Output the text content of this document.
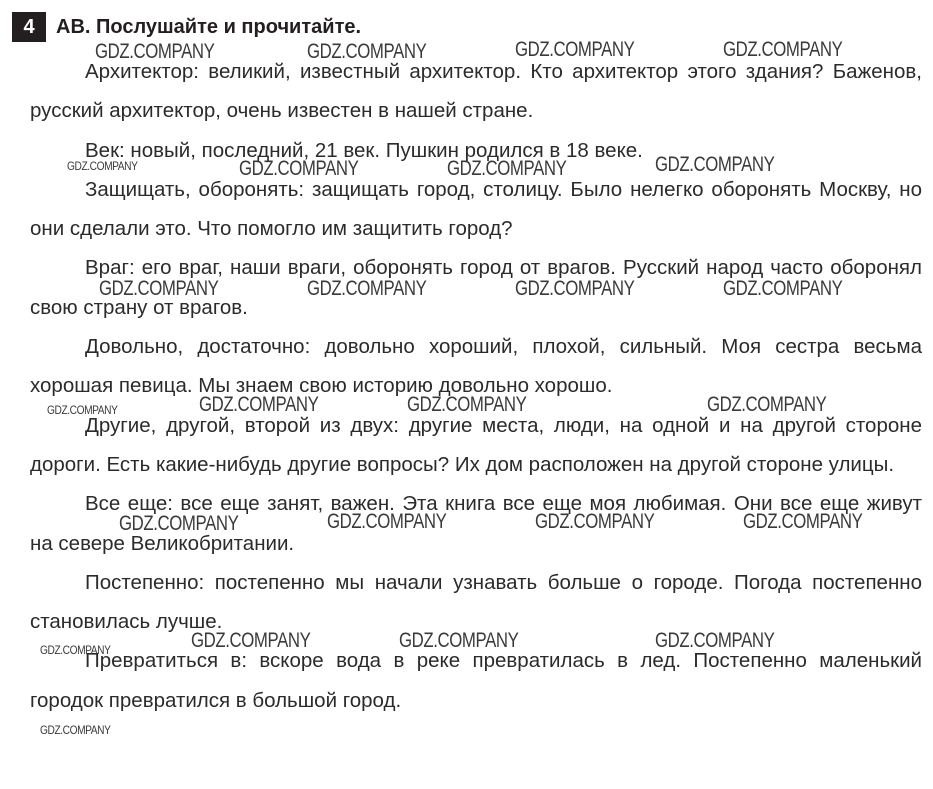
4	АВ. Послушайте и прочитайте.

Архитектор: великий, известный архитектор. Кто архитектор этого здания? Баженов, русский архитектор, очень известен в нашей стране.

Век: новый, последний, 21 век. Пушкин родился в 18 веке.

Защищать, оборонять: защищать город, столицу. Было нелегко оборонять Москву, но они сделали это. Что помогло им защитить город?

Враг: его враг, наши враги, оборонять город от врагов. Русский народ часто оборонял свою страну от врагов.

Довольно, достаточно: довольно хороший, плохой, сильный. Моя сестра весьма хорошая певица. Мы знаем свою историю довольно хорошо.

Другие, другой, второй из двух: другие места, люди, на одной и на другой стороне дороги. Есть какие-нибудь другие вопросы? Их дом расположен на другой стороне улицы.

Все еще: все еще занят, важен. Эта книга все еще моя любимая. Они все еще живут на севере Великобритании.

Постепенно: постепенно мы начали узнавать больше о городе. Погода постепенно становилась лучше.

Превратиться в: вскоре вода в реке превратилась в лед. Постепенно маленький городок превратился в большой город.

GDZ.COMPANY	GDZ.COMPANY	GDZ.COMPANY	GDZ.COMPANY
GDZ.COMPANY	GDZ.COMPANY	GDZ.COMPANY	GDZ.COMPANY
GDZ.COMPANY	GDZ.COMPANY	GDZ.COMPANY	GDZ.COMPANY
GDZ.COMPANY	GDZ.COMPANY	GDZ.COMPANY	GDZ.COMPANY
GDZ.COMPANY	GDZ.COMPANY	GDZ.COMPANY	GDZ.COMPANY
GDZ.COMPANY	GDZ.COMPANY	GDZ.COMPANY	GDZ.COMPANY
GDZ.COMPANY
